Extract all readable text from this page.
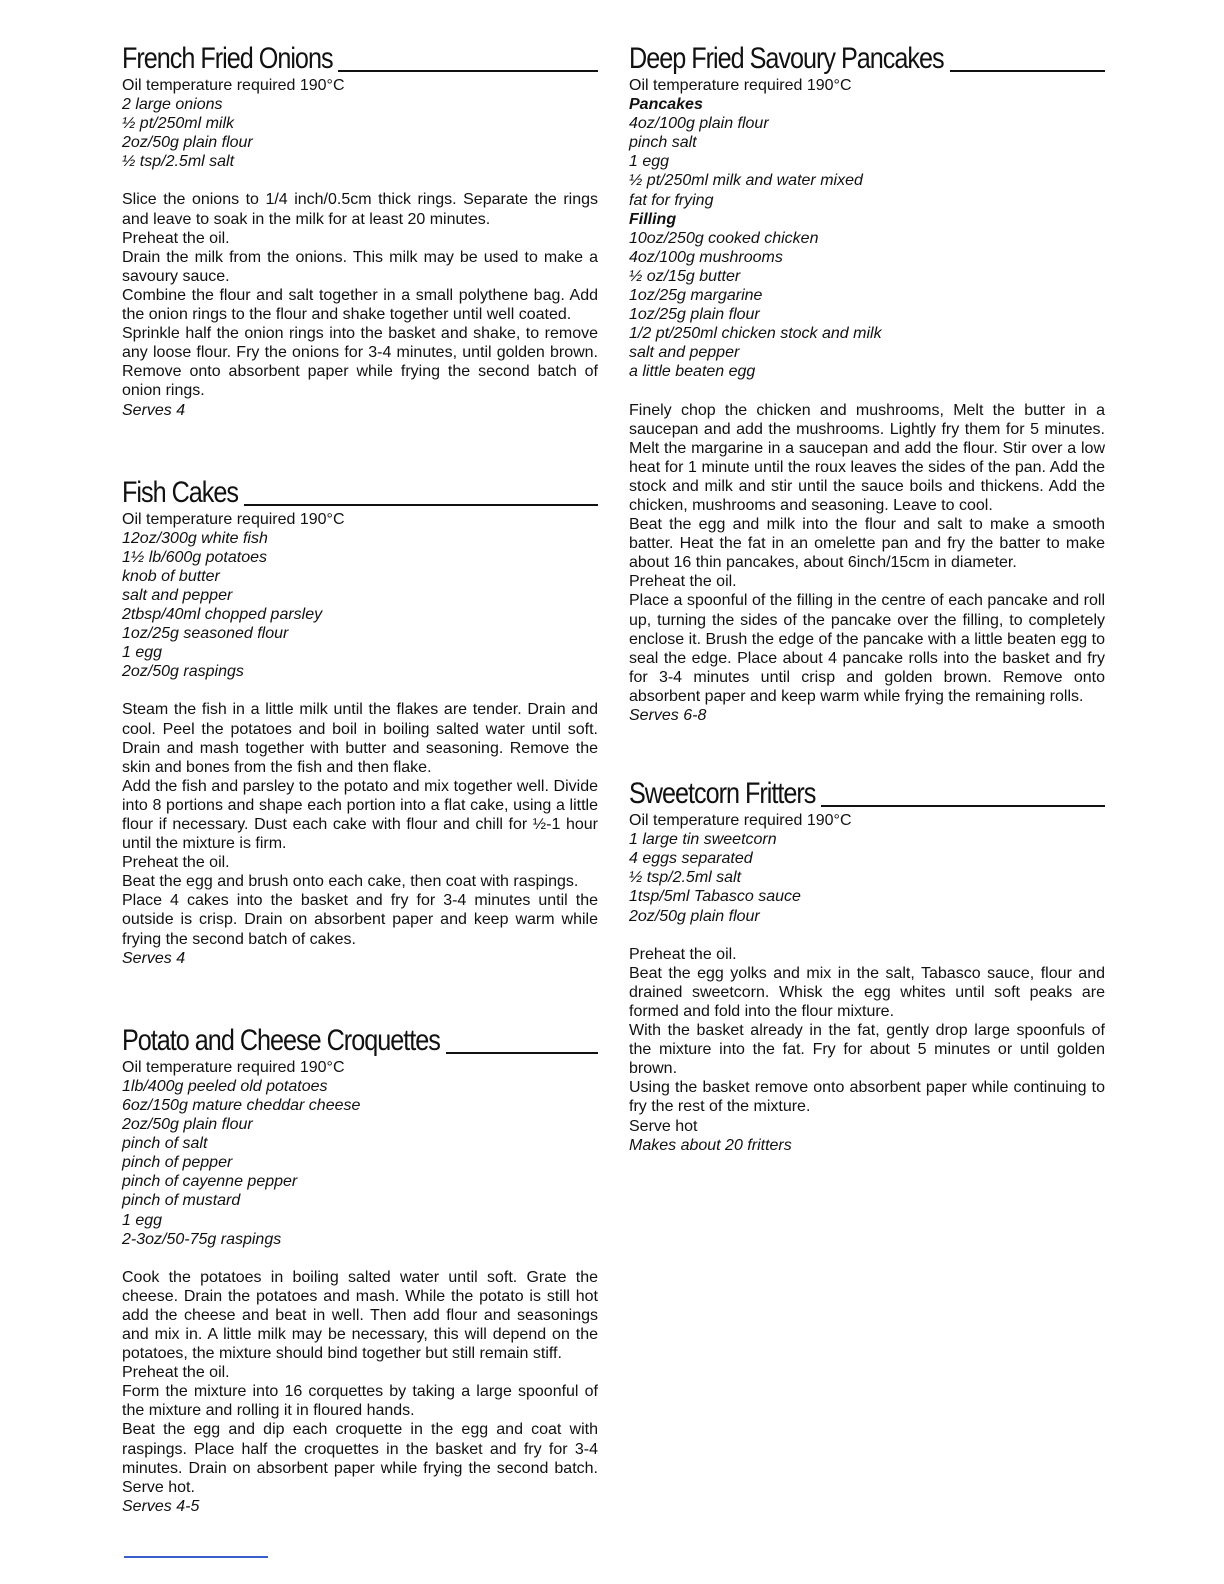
French Fried Onions
Oil temperature required 190°C
2 large onions
½ pt/250ml milk
2oz/50g plain flour
½ tsp/2.5ml salt

Slice the onions to 1/4 inch/0.5cm thick rings. Separate the rings and leave to soak in the milk for at least 20 minutes.

Preheat the oil.

Drain the milk from the onions. This milk may be used to make a savoury sauce.

Combine the flour and salt together in a small polythene bag. Add the onion rings to the flour and shake together until well coated.

Sprinkle half the onion rings into the basket and shake, to remove any loose flour. Fry the onions for 3-4 minutes, until golden brown. Remove onto absorbent paper while frying the second batch of onion rings.

Serves 4
Fish Cakes
Oil temperature required 190°C
12oz/300g white fish
1½ lb/600g potatoes
knob of butter
salt and pepper
2tbsp/40ml chopped parsley
1oz/25g seasoned flour
1 egg
2oz/50g raspings

Steam the fish in a little milk until the flakes are tender. Drain and cool. Peel the potatoes and boil in boiling salted water until soft. Drain and mash together with butter and seasoning. Remove the skin and bones from the fish and then flake.

Add the fish and parsley to the potato and mix together well. Divide into 8 portions and shape each portion into a flat cake, using a little flour if necessary. Dust each cake with flour and chill for ½-1 hour until the mixture is firm.

Preheat the oil.

Beat the egg and brush onto each cake, then coat with raspings.

Place 4 cakes into the basket and fry for 3-4 minutes until the outside is crisp. Drain on absorbent paper and keep warm while frying the second batch of cakes.

Serves 4
Potato and Cheese Croquettes
Oil temperature required 190°C
1lb/400g peeled old potatoes
6oz/150g mature cheddar cheese
2oz/50g plain flour
pinch of salt
pinch of pepper
pinch of cayenne pepper
pinch of mustard
1 egg
2-3oz/50-75g raspings

Cook the potatoes in boiling salted water until soft. Grate the cheese. Drain the potatoes and mash. While the potato is still hot add the cheese and beat in well. Then add flour and seasonings and mix in. A little milk may be necessary, this will depend on the potatoes, the mixture should bind together but still remain stiff.

Preheat the oil.

Form the mixture into 16 corquettes by taking a large spoonful of the mixture and rolling it in floured hands.

Beat the egg and dip each croquette in the egg and coat with raspings. Place half the croquettes in the basket and fry for 3-4 minutes. Drain on absorbent paper while frying the second batch. Serve hot.

Serves 4-5
Deep Fried Savoury Pancakes
Oil temperature required 190°C
Pancakes
4oz/100g plain flour
pinch salt
1 egg
½ pt/250ml milk and water mixed
fat for frying
Filling
10oz/250g cooked chicken
4oz/100g mushrooms
½ oz/15g butter
1oz/25g margarine
1oz/25g plain flour
1/2 pt/250ml chicken stock and milk
salt and pepper
a little beaten egg

Finely chop the chicken and mushrooms, Melt the butter in a saucepan and add the mushrooms. Lightly fry them for 5 minutes. Melt the margarine in a saucepan and add the flour. Stir over a low heat for 1 minute until the roux leaves the sides of the pan. Add the stock and milk and stir until the sauce boils and thickens. Add the chicken, mushrooms and seasoning. Leave to cool.

Beat the egg and milk into the flour and salt to make a smooth batter. Heat the fat in an omelette pan and fry the batter to make about 16 thin pancakes, about 6inch/15cm in diameter.

Preheat the oil.

Place a spoonful of the filling in the centre of each pancake and roll up, turning the sides of the pancake over the filling, to completely enclose it. Brush the edge of the pancake with a little beaten egg to seal the edge. Place about 4 pancake rolls into the basket and fry for 3-4 minutes until crisp and golden brown. Remove onto absorbent paper and keep warm while frying the remaining rolls.

Serves 6-8
Sweetcorn Fritters
Oil temperature required 190°C
1 large tin sweetcorn
4 eggs separated
½ tsp/2.5ml salt
1tsp/5ml Tabasco sauce
2oz/50g plain flour

Preheat the oil.

Beat the egg yolks and mix in the salt, Tabasco sauce, flour and drained sweetcorn. Whisk the egg whites until soft peaks are formed and fold into the flour mixture.

With the basket already in the fat, gently drop large spoonfuls of the mixture into the fat. Fry for about 5 minutes or until golden brown.

Using the basket remove onto absorbent paper while continuing to fry the rest of the mixture.

Serve hot

Makes about 20 fritters
